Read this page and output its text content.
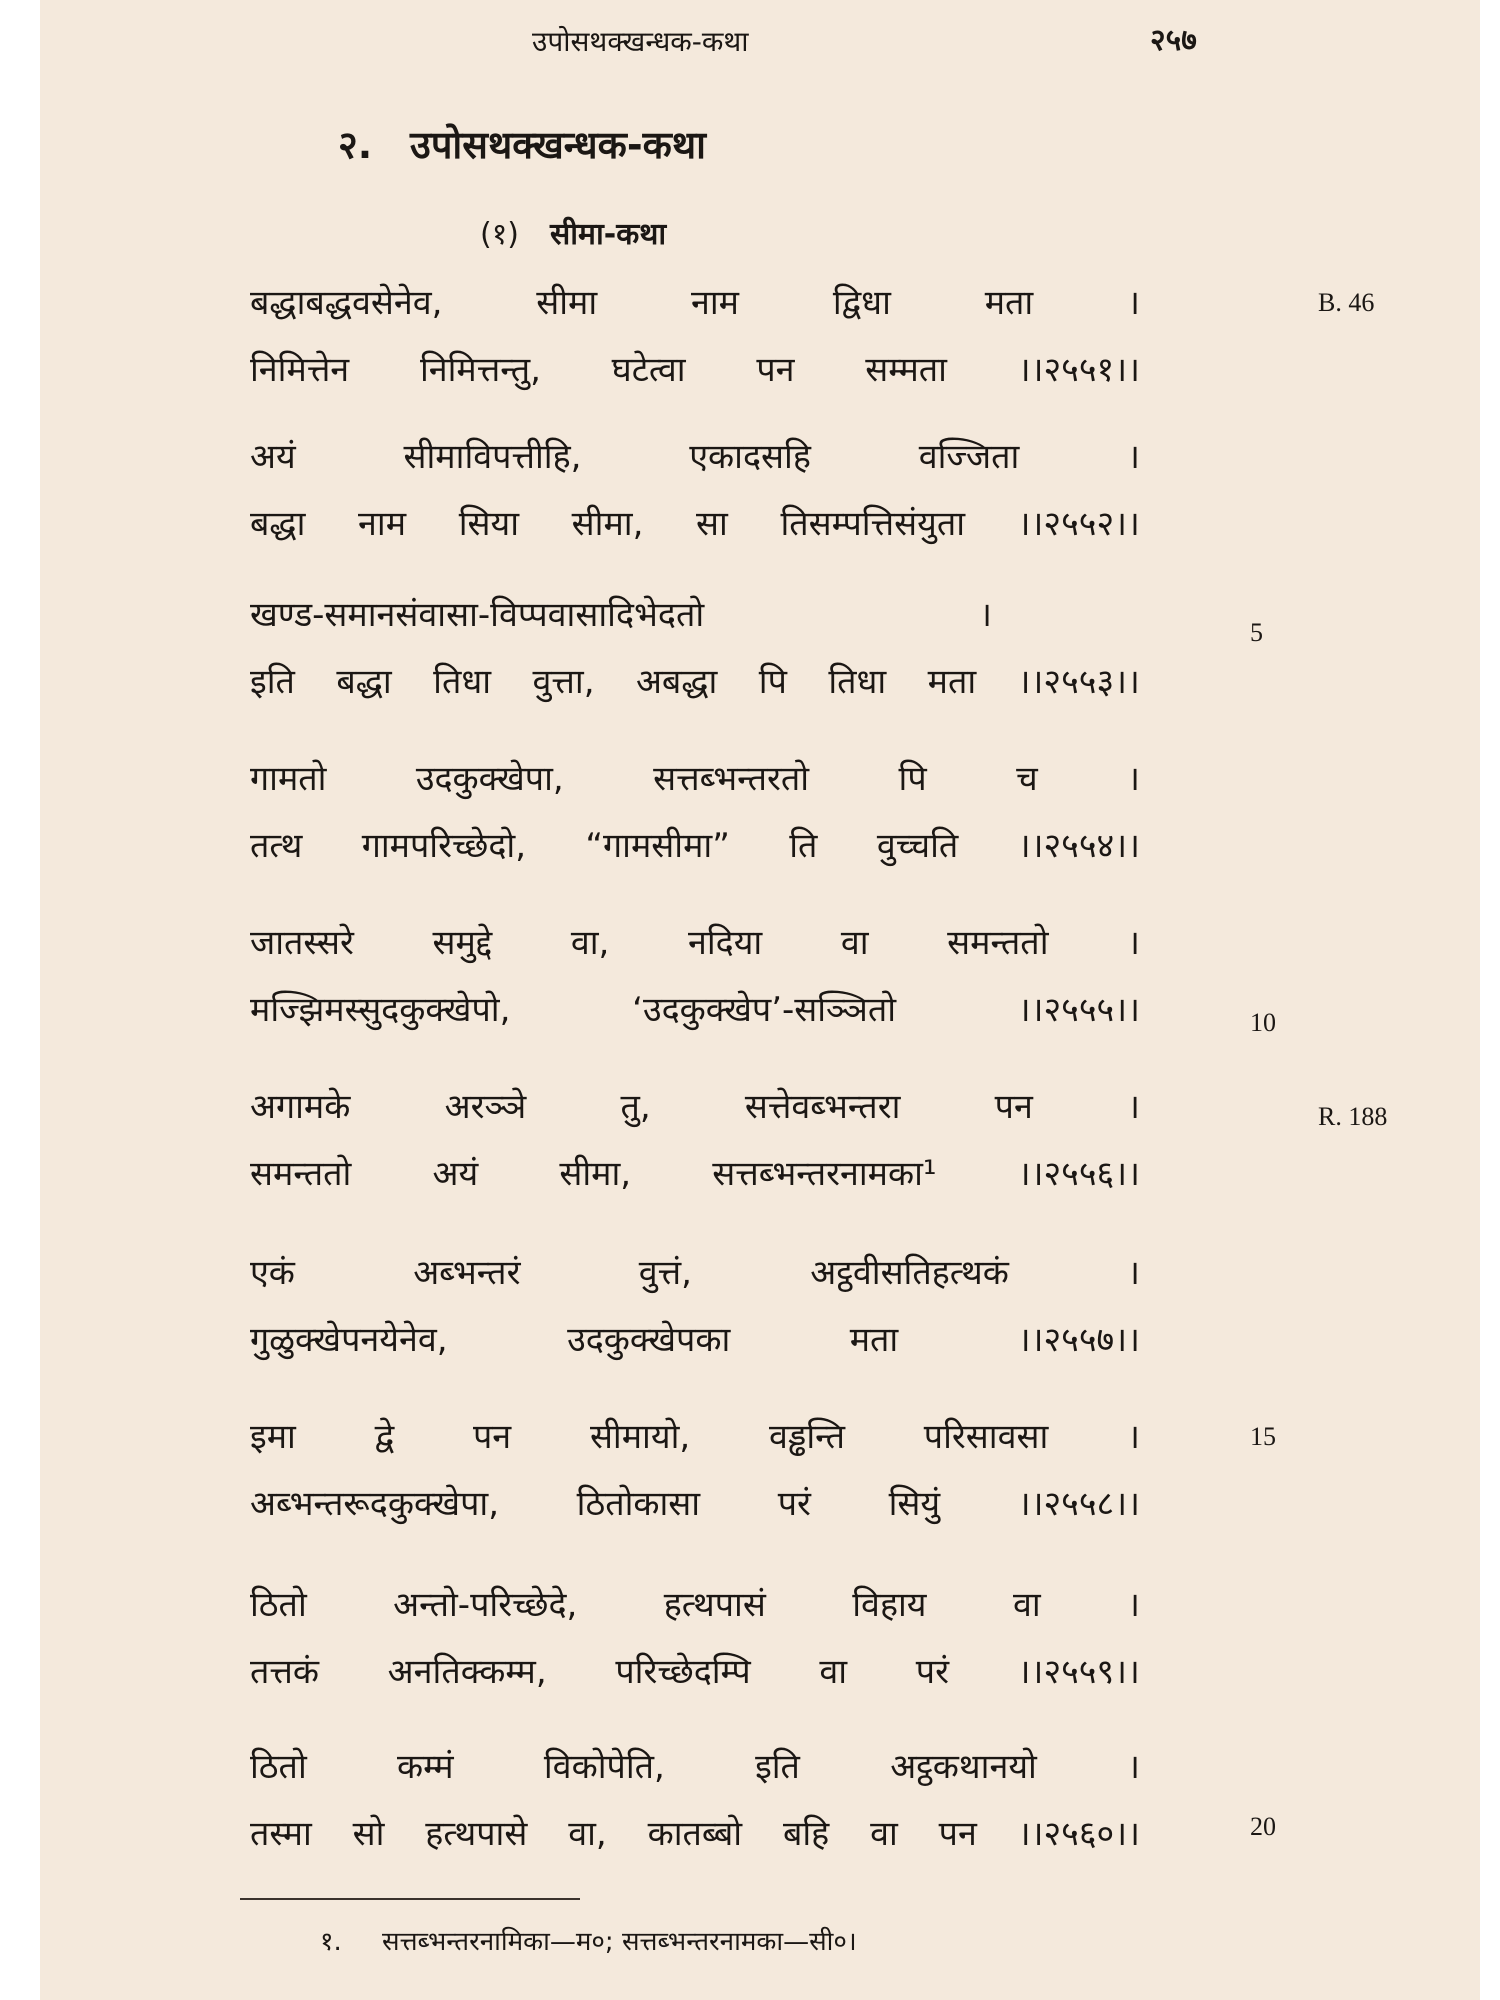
उपोसथक्खन्धक-कथा	२५७
२. उपोसथक्खन्धक-कथा
(१) सीमा-कथा
बद्धाबद्धवसेनेव,	सीमा	नाम	द्विधा	मता	।
निमित्तेन निमित्तन्तु, घटेत्वा पन सम्मता ।।२५५१।।
अयं	सीमाविपत्तीहि,	एकादसहि	वज्जिता	।
बद्धा नाम सिया सीमा, सा तिसम्पत्तिसंयुता ।।२५५२।।
खण्ड-समानसंवासा-विप्पवासादिभेदतो	।
इति बद्धा तिधा वुत्ता, अबद्धा पि तिधा मता ।।२५५३।।
गामतो	उदकुक्खेपा,	सत्तब्भन्तरतो	पि	च	।
तत्थ गामपरिच्छेदो, “गामसीमा” ति वुच्चति ।।२५५४।।
जातस्सरे समुद्दे वा, नदिया वा समन्ततो ।
मज्झिमस्सुदकुक्खेपो,	‘उदकुक्खेप’-सञ्ञितो	।।२५५५।।
अगामके	अरञ्ञे	तु,	सत्तेवब्भन्तरा	पन	।
समन्ततो अयं सीमा, सत्तब्भन्तरनामका¹ ।।२५५६।।
एकं	अब्भन्तरं	वुत्तं,	अट्ठवीसतिहत्थकं	।
गुळुक्खेपनयेनेव,	उदकुक्खेपका	मता	।।२५५७।।
इमा द्वे पन सीमायो, वड्ढन्ति परिसावसा ।
अब्भन्तरूदकुक्खेपा, ठितोकासा परं सियुं ।।२५५८।।
ठितो	अन्तो-परिच्छेदे,	हत्थपासं	विहाय	वा	।
तत्तकं अनतिक्कम्म, परिच्छेदम्पि वा परं ।।२५५९।।
ठितो	कम्मं	विकोपेति,	इति	अट्ठकथानयो	।
तस्मा सो हत्थपासे वा, कातब्बो बहि वा पन ।।२५६०।।
B. 46
5
10
R. 188
15
20
१. सत्तब्भन्तरनामिका—म०; सत्तब्भन्तरनामका—सी०।
